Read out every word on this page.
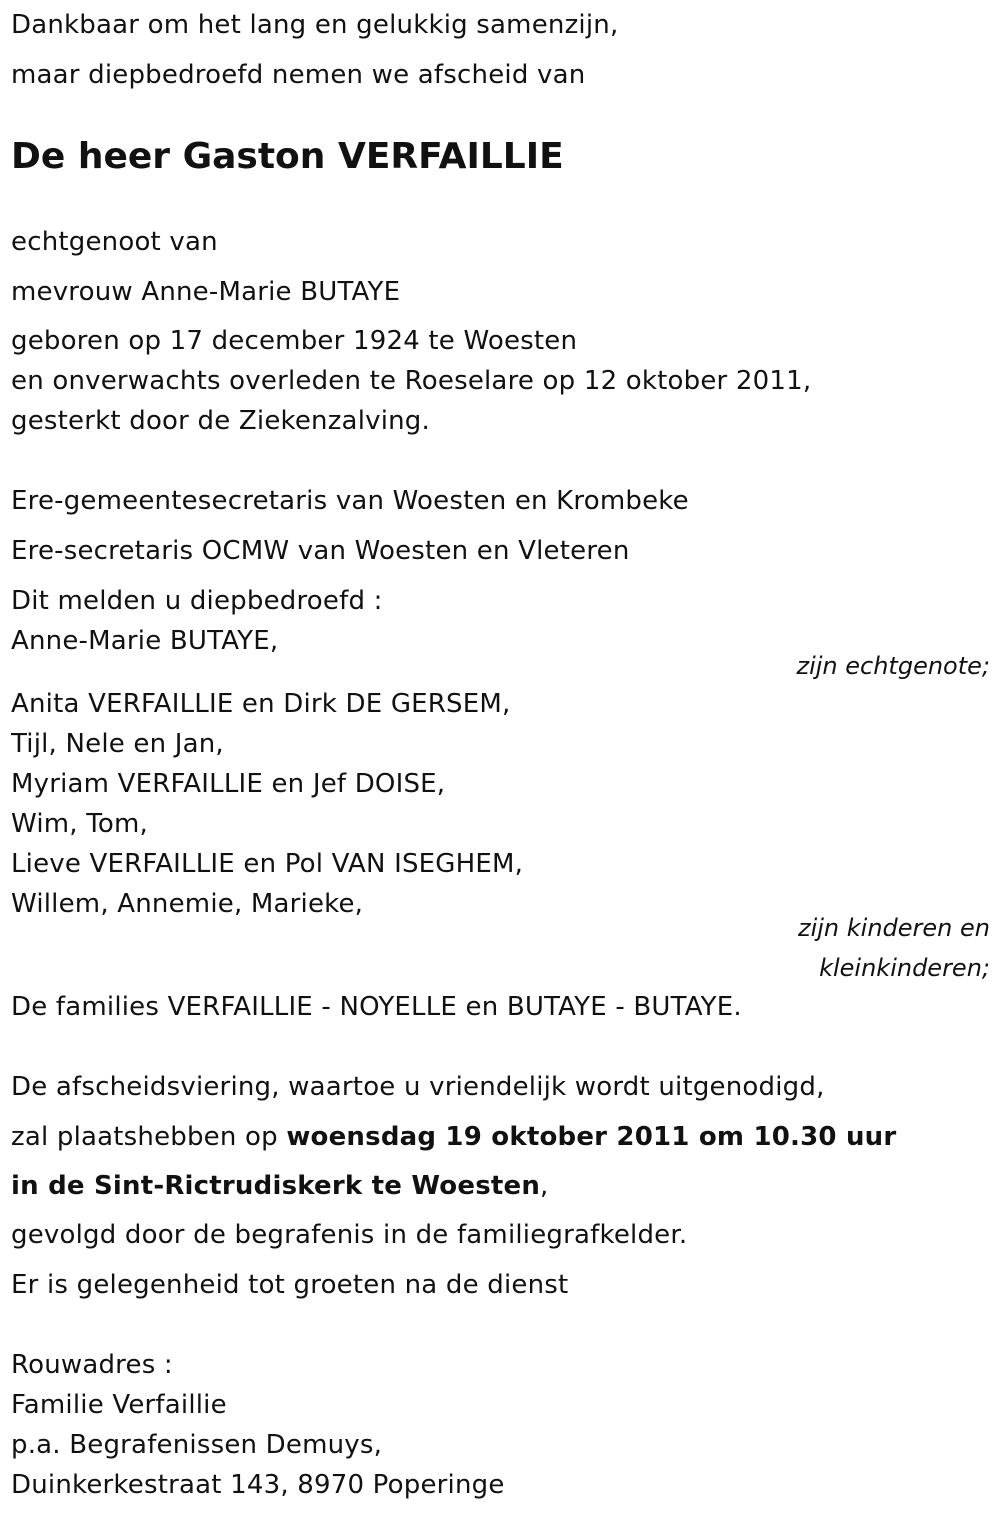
Dankbaar om het lang en gelukkig samenzijn,
maar diepbedroefd nemen we afscheid van
De heer Gaston VERFAILLIE
echtgenoot van
mevrouw Anne-Marie BUTAYE
geboren op 17 december 1924 te Woesten
en onverwachts overleden te Roeselare op 12 oktober 2011,
gesterkt door de Ziekenzalving.
Ere-gemeentesecretaris van Woesten en Krombeke
Ere-secretaris OCMW van Woesten en Vleteren
Dit melden u diepbedroefd :
Anne-Marie BUTAYE,
zijn echtgenote;
Anita VERFAILLIE en Dirk DE GERSEM,
Tijl, Nele en Jan,
Myriam VERFAILLIE en Jef DOISE,
Wim, Tom,
Lieve VERFAILLIE en Pol VAN ISEGHEM,
Willem, Annemie, Marieke,
zijn kinderen en
kleinkinderen;
De families VERFAILLIE - NOYELLE en BUTAYE - BUTAYE.
De afscheidsviering, waartoe u vriendelijk wordt uitgenodigd,
zal plaatshebben op woensdag 19 oktober 2011 om 10.30 uur
in de Sint-Rictrudiskerk te Woesten,
gevolgd door de begrafenis in de familiegrafkelder.
Er is gelegenheid tot groeten na de dienst
Rouwadres :
Familie Verfaillie
p.a. Begrafenissen Demuys,
Duinkerkestraat 143, 8970 Poperinge
